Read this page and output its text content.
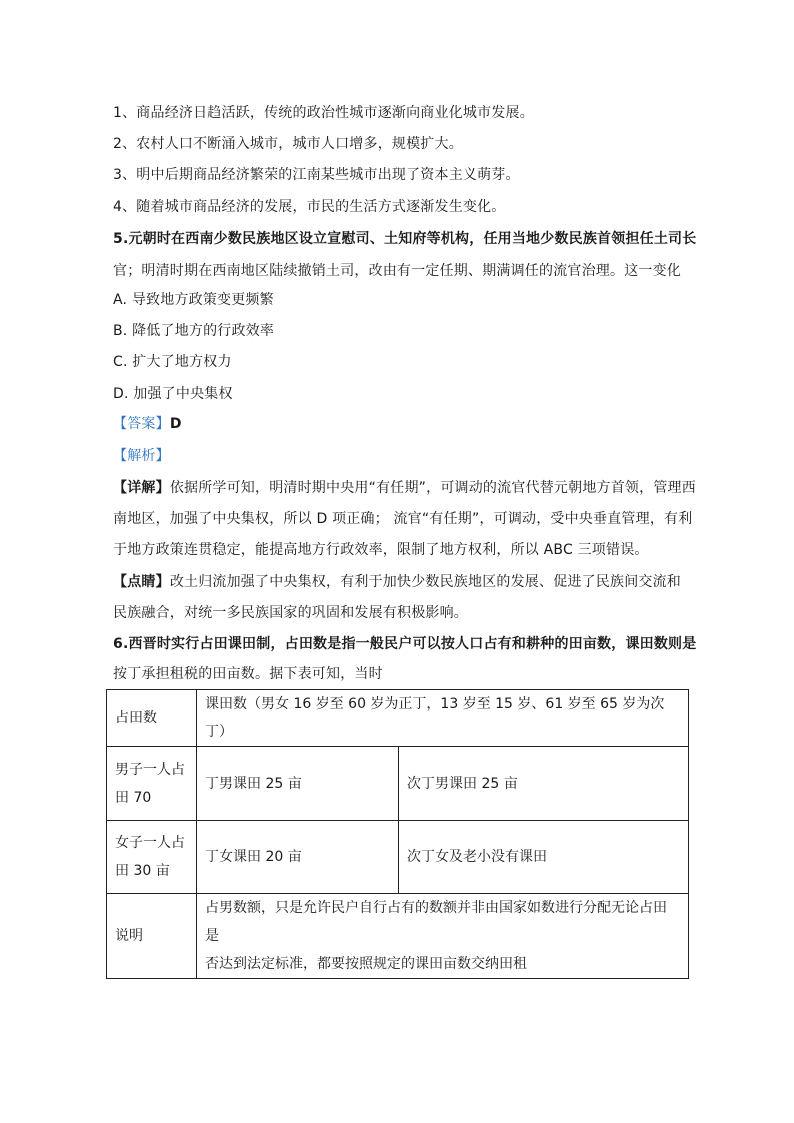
1、商品经济日趋活跃，传统的政治性城市逐渐向商业化城市发展。
2、农村人口不断涌入城市，城市人口增多，规模扩大。
3、明中后期商品经济繁荣的江南某些城市出现了资本主义萌芽。
4、随着城市商品经济的发展，市民的生活方式逐渐发生变化。
5.元朝时在西南少数民族地区设立宣慰司、土知府等机构，任用当地少数民族首领担任土司长
官；明清时期在西南地区陆续撤销土司，改由有一定任期、期满调任的流官治理。这一变化
A. 导致地方政策变更频繁
B. 降低了地方的行政效率
C. 扩大了地方权力
D. 加强了中央集权
【答案】D
【解析】
【详解】依据所学可知，明清时期中央用“有任期”，可调动的流官代替元朝地方首领，管理西
南地区，加强了中央集权，所以 D 项正确； 流官“有任期”，可调动，受中央垂直管理，有利
于地方政策连贯稳定，能提高地方行政效率，限制了地方权利，所以 ABC 三项错误。
【点睛】改土归流加强了中央集权，有利于加快少数民族地区的发展、促进了民族间交流和
民族融合，对统一多民族国家的巩固和发展有积极影响。
6.西晋时实行占田课田制，占田数是指一般民户可以按人口占有和耕种的田亩数，课田数则是
按丁承担租税的田亩数。据下表可知，当时
占田数	课田数（男女 16 岁至 60 岁为正丁，13 岁至 15 岁、61 岁至 65 岁为次丁）	

男子一人占
田 70	丁男课田 25 亩	次丁男课田 25 亩

女子一人占
田 30 亩	丁女课田 20 亩	次丁女及老小没有课田
说明	占男数额，只是允许民户自行占有的数额并非由国家如数进行分配无论占田是
否达到法定标准，都要按照规定的课田亩数交纳田租	
